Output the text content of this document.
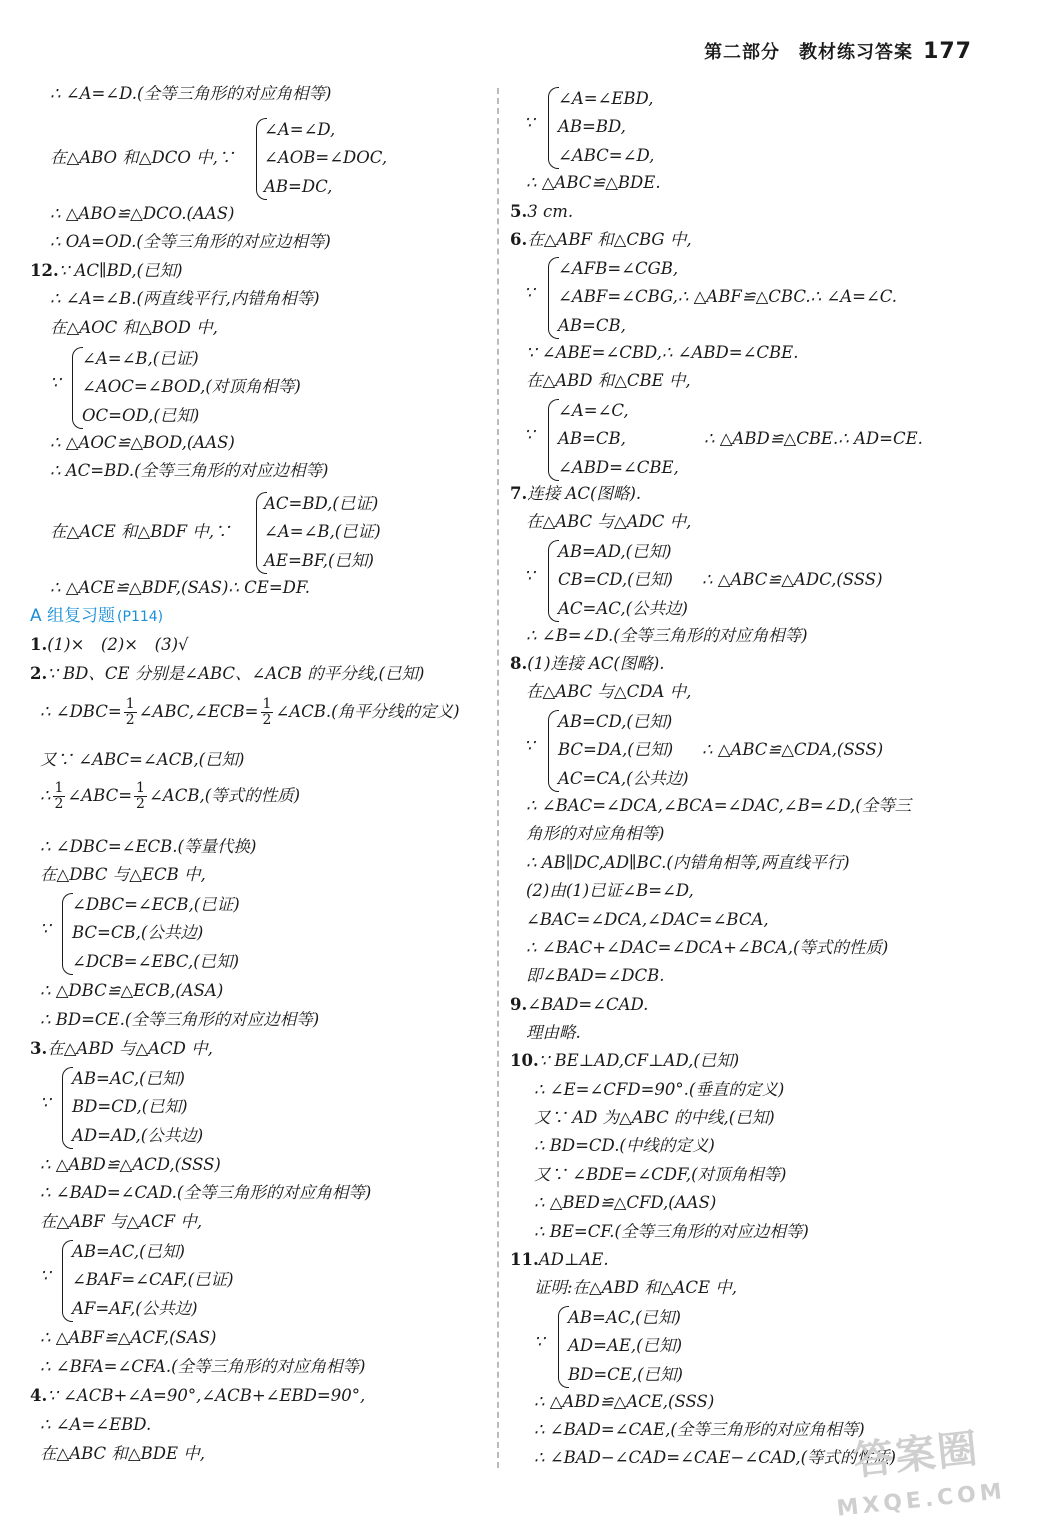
第二部分　教材练习答案 177
∴ ∠A=∠D.(全等三角形的对应角相等)
在△ABO 和△DCO 中,∵
∠A=∠D,
∠AOB=∠DOC,
AB=DC,
∴ △ABO≌△DCO.(AAS)
∴ OA=OD.(全等三角形的对应边相等)
12.∵ AC∥BD,(已知)
∴ ∠A=∠B.(两直线平行,内错角相等)
在△AOC 和△BOD 中,
∵
∠A=∠B,(已证)
∠AOC=∠BOD,(对顶角相等)
OC=OD,(已知)
∴ △AOC≌△BOD,(AAS)
∴ AC=BD.(全等三角形的对应边相等)
在△ACE 和△BDF 中,∵
AC=BD,(已证)
∠A=∠B,(已证)
AE=BF,(已知)
∴ △ACE≌△BDF,(SAS)∴ CE=DF.
A 组复习题 (P114)
1.(1)×　(2)×　(3)√
2.∵ BD、CE 分别是∠ABC、∠ACB 的平分线,(已知)
∴ ∠DBC= $\frac{1}{2}$ ∠ABC,∠ECB= $\frac{1}{2}$ ∠ACB.(角平分线的定义)
又∵ ∠ABC=∠ACB,(已知)
∴ $\frac{1}{2}$ ∠ABC= $\frac{1}{2}$ ∠ACB,(等式的性质)
∴ ∠DBC=∠ECB.(等量代换)
在△DBC 与△ECB 中,
∵
∠DBC=∠ECB,(已证)
BC=CB,(公共边)
∠DCB=∠EBC,(已知)
∴ △DBC≌△ECB,(ASA)
∴ BD=CE.(全等三角形的对应边相等)
3.在△ABD 与△ACD 中,
∵
AB=AC,(已知)
BD=CD,(已知)
AD=AD,(公共边)
∴ △ABD≌△ACD,(SSS)
∴ ∠BAD=∠CAD.(全等三角形的对应角相等)
在△ABF 与△ACF 中,
∵
AB=AC,(已知)
∠BAF=∠CAF,(已证)
AF=AF,(公共边)
∴ △ABF≌△ACF,(SAS)
∴ ∠BFA=∠CFA.(全等三角形的对应角相等)
4.∵ ∠ACB+∠A=90°,∠ACB+∠EBD=90°,
∴ ∠A=∠EBD.
在△ABC 和△BDE 中,
∵
∠A=∠EBD,
AB=BD,
∠ABC=∠D,
∴ △ABC≌△BDE.
5.3 cm.
6.在△ABF 和△CBG 中,
∵
∠AFB=∠CGB,
∠ABF=∠CBG,∴ △ABF≌△CBC.∴ ∠A=∠C.
AB=CB,
∵ ∠ABE=∠CBD,∴ ∠ABD=∠CBE.
在△ABD 和△CBE 中,
∵
∠A=∠C,
AB=CB,
∠ABD=∠CBE,
∴ △ABD≌△CBE.∴ AD=CE.
7.连接 AC(图略).
在△ABC 与△ADC 中,
∵
AB=AD,(已知)
CB=CD,(已知)
AC=AC,(公共边)
∴ △ABC≌△ADC,(SSS)
∴ ∠B=∠D.(全等三角形的对应角相等)
8.(1)连接 AC(图略).
在△ABC 与△CDA 中,
∵
AB=CD,(已知)
BC=DA,(已知)
AC=CA,(公共边)
∴ △ABC≌△CDA,(SSS)
∴ ∠BAC=∠DCA,∠BCA=∠DAC,∠B=∠D,(全等三
角形的对应角相等)
∴ AB∥DC,AD∥BC.(内错角相等,两直线平行)
(2)由(1)已证∠B=∠D,
∠BAC=∠DCA,∠DAC=∠BCA,
∴ ∠BAC+∠DAC=∠DCA+∠BCA,(等式的性质)
即∠BAD=∠DCB.
9.∠BAD=∠CAD.
理由略.
10.∵ BE⊥AD,CF⊥AD,(已知)
∴ ∠E=∠CFD=90°.(垂直的定义)
又∵ AD 为△ABC 的中线,(已知)
∴ BD=CD.(中线的定义)
又∵ ∠BDE=∠CDF,(对顶角相等)
∴ △BED≌△CFD,(AAS)
∴ BE=CF.(全等三角形的对应边相等)
11.AD⊥AE.
证明:在△ABD 和△ACE 中,
∵
AB=AC,(已知)
AD=AE,(已知)
BD=CE,(已知)
∴ △ABD≌△ACE,(SSS)
∴ ∠BAD=∠CAE,(全等三角形的对应角相等)
∴ ∠BAD−∠CAD=∠CAE−∠CAD,(等式的性质)
答案圈
MXQE.COM
